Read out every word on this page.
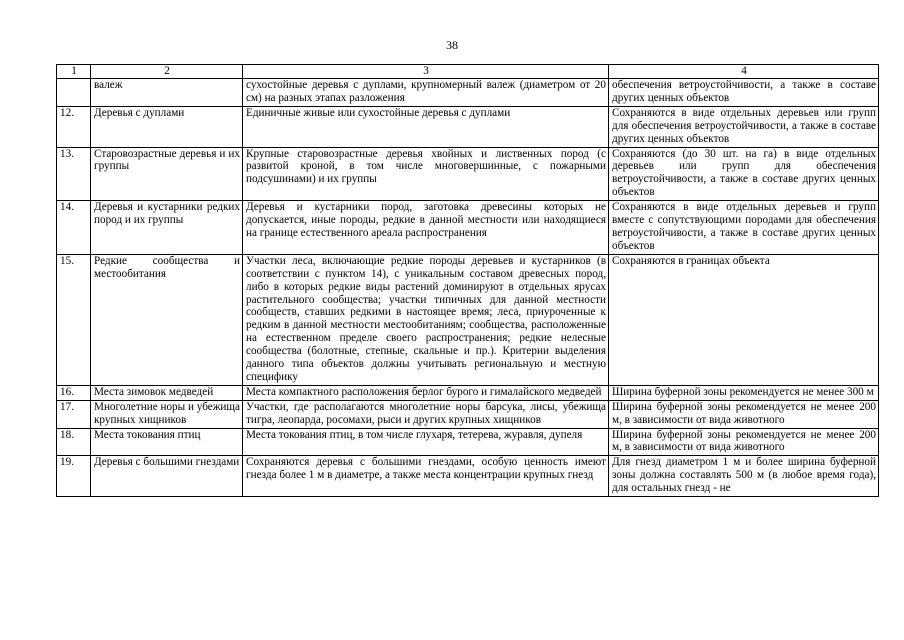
38
1	2	3	4
	валеж	сухостойные деревья с дуплами, крупномерный валеж (диаметром от 20 см) на разных этапах разложения	обеспечения ветроустойчивости, а также в составе других ценных объектов
12.	Деревья с дуплами	Единичные живые или сухостойные деревья с дуплами	Сохраняются в виде отдельных деревьев или групп для обеспечения ветроустойчивости, а также в составе других ценных объектов
13.	Старовозрастные деревья и их группы	Крупные старовозрастные деревья хвойных и лиственных пород (с развитой кроной, в том числе многовершинные, с пожарными подсушинами) и их группы	Сохраняются (до 30 шт. на га) в виде отдельных деревьев или групп для обеспечения ветроустойчивости, а также в составе других ценных объектов
14.	Деревья и кустарники редких пород и их группы	Деревья и кустарники пород, заготовка древесины которых не допускается, иные породы, редкие в данной местности или находящиеся на границе естественного ареала распространения	Сохраняются в виде отдельных деревьев и групп вместе с сопутствующими породами для обеспечения ветроустойчивости, а также в составе других ценных объектов
15.	Редкие сообщества и местообитания	Участки леса, включающие редкие породы деревьев и кустарников (в соответствии с пунктом 14), с уникальным составом древесных пород, либо в которых редкие виды растений доминируют в отдельных ярусах растительного сообщества; участки типичных для данной местности сообществ, ставших редкими в настоящее время; леса, приуроченные к редким в данной местности местообитаниям; сообщества, расположенные на естественном пределе своего распространения; редкие нелесные сообщества (болотные, степные, скальные и пр.). Критерии выделения данного типа объектов должны учитывать региональную и местную специфику	Сохраняются в границах объекта
16.	Места зимовок медведей	Места компактного расположения берлог бурого и гималайского медведей	Ширина буферной зоны рекомендуется не менее 300 м
17.	Многолетние норы и убежища крупных хищников	Участки, где располагаются многолетние норы барсука, лисы, убежища тигра, леопарда, росомахи, рыси и других крупных хищников	Ширина буферной зоны рекомендуется не менее 200 м, в зависимости от вида животного
18.	Места токования птиц	Места токования птиц, в том числе глухаря, тетерева, журавля, дупеля	Ширина буферной зоны рекомендуется не менее 200 м, в зависимости от вида животного
19.	Деревья с большими гнездами	Сохраняются деревья с большими гнездами, особую ценность имеют гнезда более 1 м в диаметре, а также места концентрации крупных гнезд	Для гнезд диаметром 1 м и более ширина буферной зоны должна составлять 500 м (в любое время года), для остальных гнезд - не
